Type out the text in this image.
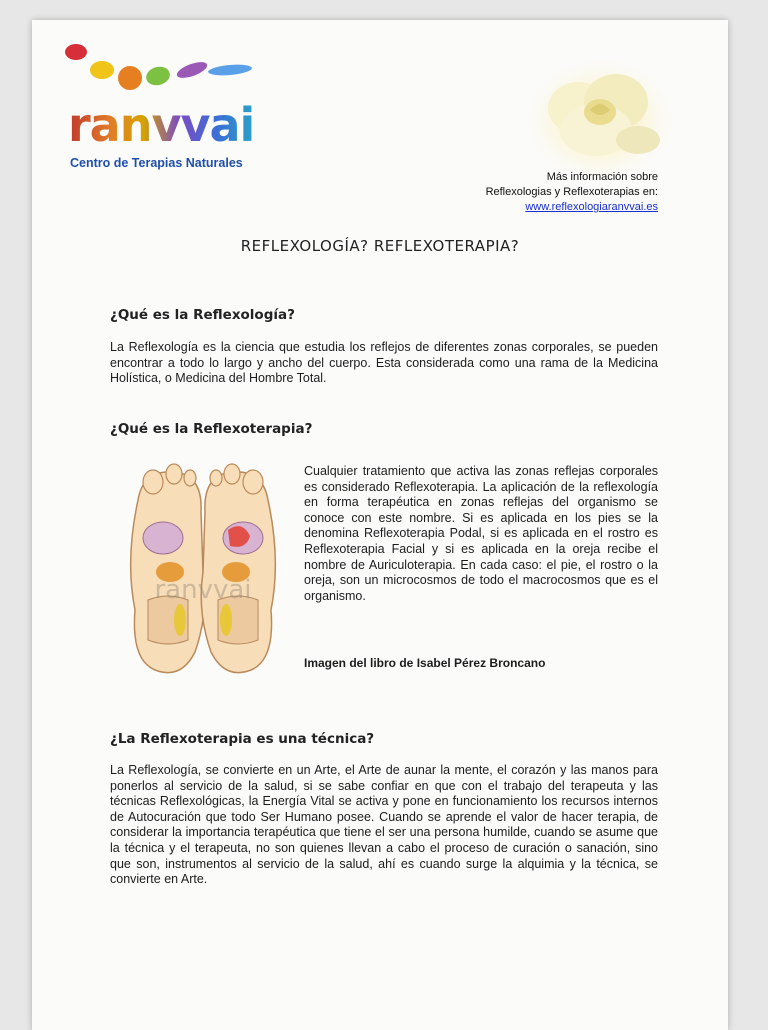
ranvvai
Centro de Terapias Naturales
Más información sobre
Reflexologias y Reflexoterapias en:
www.reflexologiaranvvai.es
REFLEXOLOGÍA? REFLEXOTERAPIA?
¿Qué es la Reflexología?

La Reflexología es la ciencia que estudia los reflejos de diferentes zonas corporales, se pueden encontrar a todo lo largo y ancho del cuerpo. Esta considerada como una rama de la Medicina Holística, o Medicina del Hombre Total.

¿Qué es la Reflexoterapia?
ranvvai

Cualquier tratamiento que activa las zonas reflejas corporales es considerado Reflexoterapia. La aplicación de la reflexología en forma terapéutica en zonas reflejas del organismo se conoce con este nombre. Si es aplicada en los pies se la denomina Reflexoterapia Podal, si es aplicada en el rostro es Reflexoterapia Facial y si es aplicada en la oreja recibe el nombre de Auriculoterapia. En cada caso: el pie, el rostro o la oreja, son un microcosmos de todo el macrocosmos que es el organismo.

Imagen del libro de Isabel Pérez Broncano
¿La Reflexoterapia es una técnica?

La Reflexología, se convierte en un Arte, el Arte de aunar la mente, el corazón y las manos para ponerlos al servicio de la salud, si se sabe confiar en que con el trabajo del terapeuta y las técnicas Reflexológicas, la Energía Vital se activa y pone en funcionamiento los recursos internos de Autocuración que todo Ser Humano posee. Cuando se aprende el valor de hacer terapia, de considerar la importancia terapéutica que tiene el ser una persona humilde, cuando se asume que la técnica y el terapeuta, no son quienes llevan a cabo el proceso de curación o sanación, sino que son, instrumentos al servicio de la salud, ahí es cuando surge la alquimia y la técnica, se convierte en Arte.
